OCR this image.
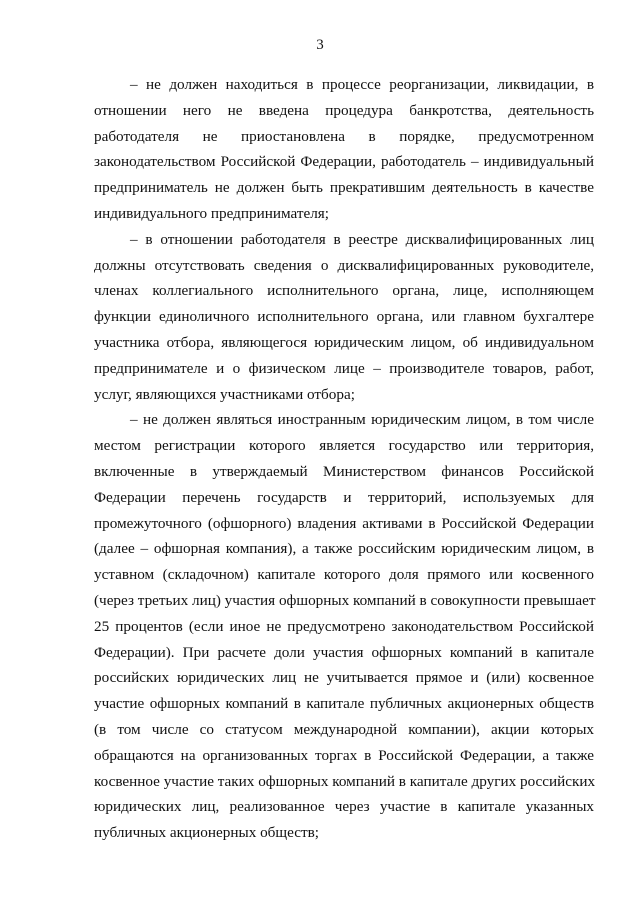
3

– не должен находиться в процессе реорганизации, ликвидации, в
отношении него не введена процедура банкротства, деятельность
работодателя не приостановлена в порядке, предусмотренном
законодательством Российской Федерации, работодатель – индивидуальный
предприниматель не должен быть прекратившим деятельность в качестве
индивидуального предпринимателя;

– в отношении работодателя в реестре дисквалифицированных лиц
должны отсутствовать сведения о дисквалифицированных руководителе,
членах коллегиального исполнительного органа, лице, исполняющем
функции единоличного исполнительного органа, или главном бухгалтере
участника отбора, являющегося юридическим лицом, об индивидуальном
предпринимателе и о физическом лице – производителе товаров, работ,
услуг, являющихся участниками отбора;

– не должен являться иностранным юридическим лицом, в том числе
местом регистрации которого является государство или территория,
включенные в утверждаемый Министерством финансов Российской
Федерации перечень государств и территорий, используемых для
промежуточного (офшорного) владения активами в Российской Федерации
(далее – офшорная компания), а также российским юридическим лицом, в
уставном (складочном) капитале которого доля прямого или косвенного
(через третьих лиц) участия офшорных компаний в совокупности превышает
25 процентов (если иное не предусмотрено законодательством Российской
Федерации). При расчете доли участия офшорных компаний в капитале
российских юридических лиц не учитывается прямое и (или) косвенное
участие офшорных компаний в капитале публичных акционерных обществ
(в том числе со статусом международной компании), акции которых
обращаются на организованных торгах в Российской Федерации, а также
косвенное участие таких офшорных компаний в капитале других российских
юридических лиц, реализованное через участие в капитале указанных
публичных акционерных обществ;
